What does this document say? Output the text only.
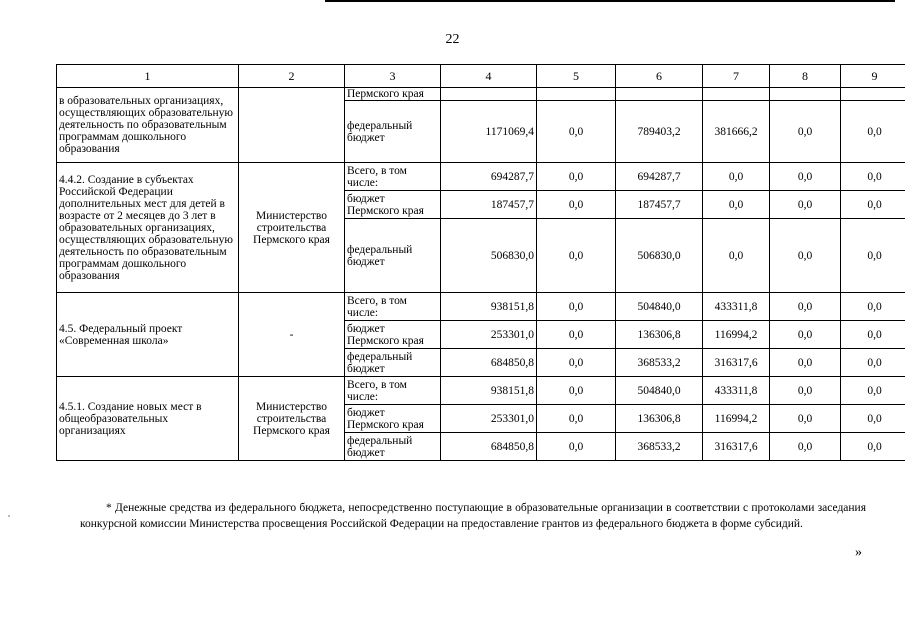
22
1	2	3	4	5	6	7	8	9
в образовательных организациях, осуществляющих образовательную деятельность по образовательным программам дошкольного образования		Пермского края						
		федеральный бюджет	1171069,4	0,0	789403,2	381666,2	0,0	0,0
4.4.2. Создание в субъектах Российской Федерации дополнительных мест для детей в возрасте от 2 месяцев до 3 лет в образовательных организациях, осуществляющих образовательную деятельность по образовательным программам дошкольного образования	Министерство строительства Пермского края	Всего, в том числе:	694287,7	0,0	694287,7	0,0	0,0	0,0
		бюджет Пермского края	187457,7	0,0	187457,7	0,0	0,0	0,0
		федеральный бюджет	506830,0	0,0	506830,0	0,0	0,0	0,0
4.5. Федеральный проект «Современная школа»	-	Всего, в том числе:	938151,8	0,0	504840,0	433311,8	0,0	0,0
		бюджет Пермского края	253301,0	0,0	136306,8	116994,2	0,0	0,0
		федеральный бюджет	684850,8	0,0	368533,2	316317,6	0,0	0,0
4.5.1. Создание новых мест в общеобразовательных организациях	Министерство строительства Пермского края	Всего, в том числе:	938151,8	0,0	504840,0	433311,8	0,0	0,0
		бюджет Пермского края	253301,0	0,0	136306,8	116994,2	0,0	0,0
		федеральный бюджет	684850,8	0,0	368533,2	316317,6	0,0	0,0
* Денежные средства из федерального бюджета, непосредственно поступающие в образовательные организации в соответствии с протоколами заседания конкурсной комиссии Министерства просвещения Российской Федерации на предоставление грантов из федерального бюджета в форме субсидий.
»
